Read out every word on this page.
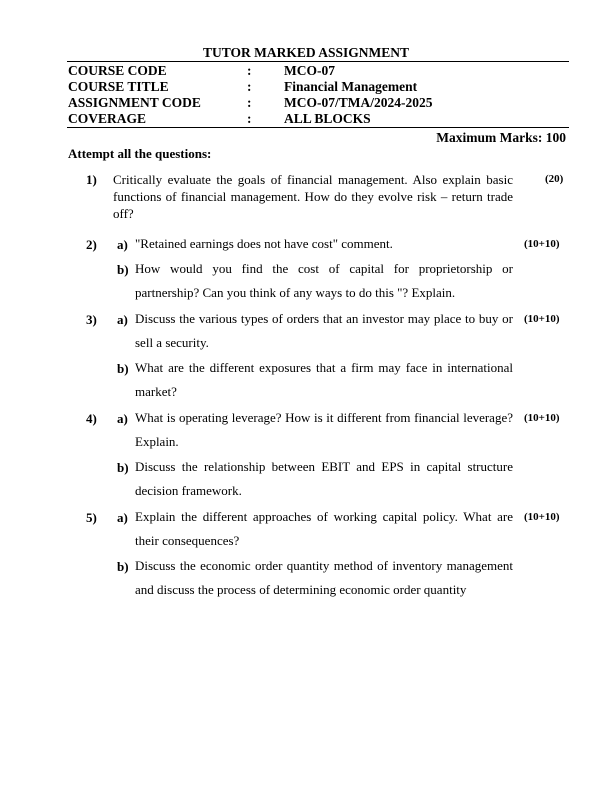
TUTOR MARKED ASSIGNMENT
COURSE CODE	: MCO-07
COURSE TITLE	: Financial Management
ASSIGNMENT CODE	: MCO-07/TMA/2024-2025
COVERAGE	: ALL BLOCKS
Maximum Marks: 100
Attempt all the questions:
1) Critically evaluate the goals of financial management. Also explain basic functions of financial management. How do they evolve risk – return trade off?
(20)
2) a) "Retained earnings does not have cost" comment.	(10+10)
b) How would you find the cost of capital for proprietorship or partnership? Can you think of any ways to do this "? Explain.
3) a) Discuss the various types of orders that an investor may place to buy or sell a security.
(10+10)
b) What are the different exposures that a firm may face in international market?
4) a) What is operating leverage? How is it different from financial leverage? Explain.
(10+10)
b) Discuss the relationship between EBIT and EPS in capital structure decision framework.
5) a) Explain the different approaches of working capital policy. What are their consequences?
(10+10)
b) Discuss the economic order quantity method of inventory management and discuss the process of determining economic order quantity
